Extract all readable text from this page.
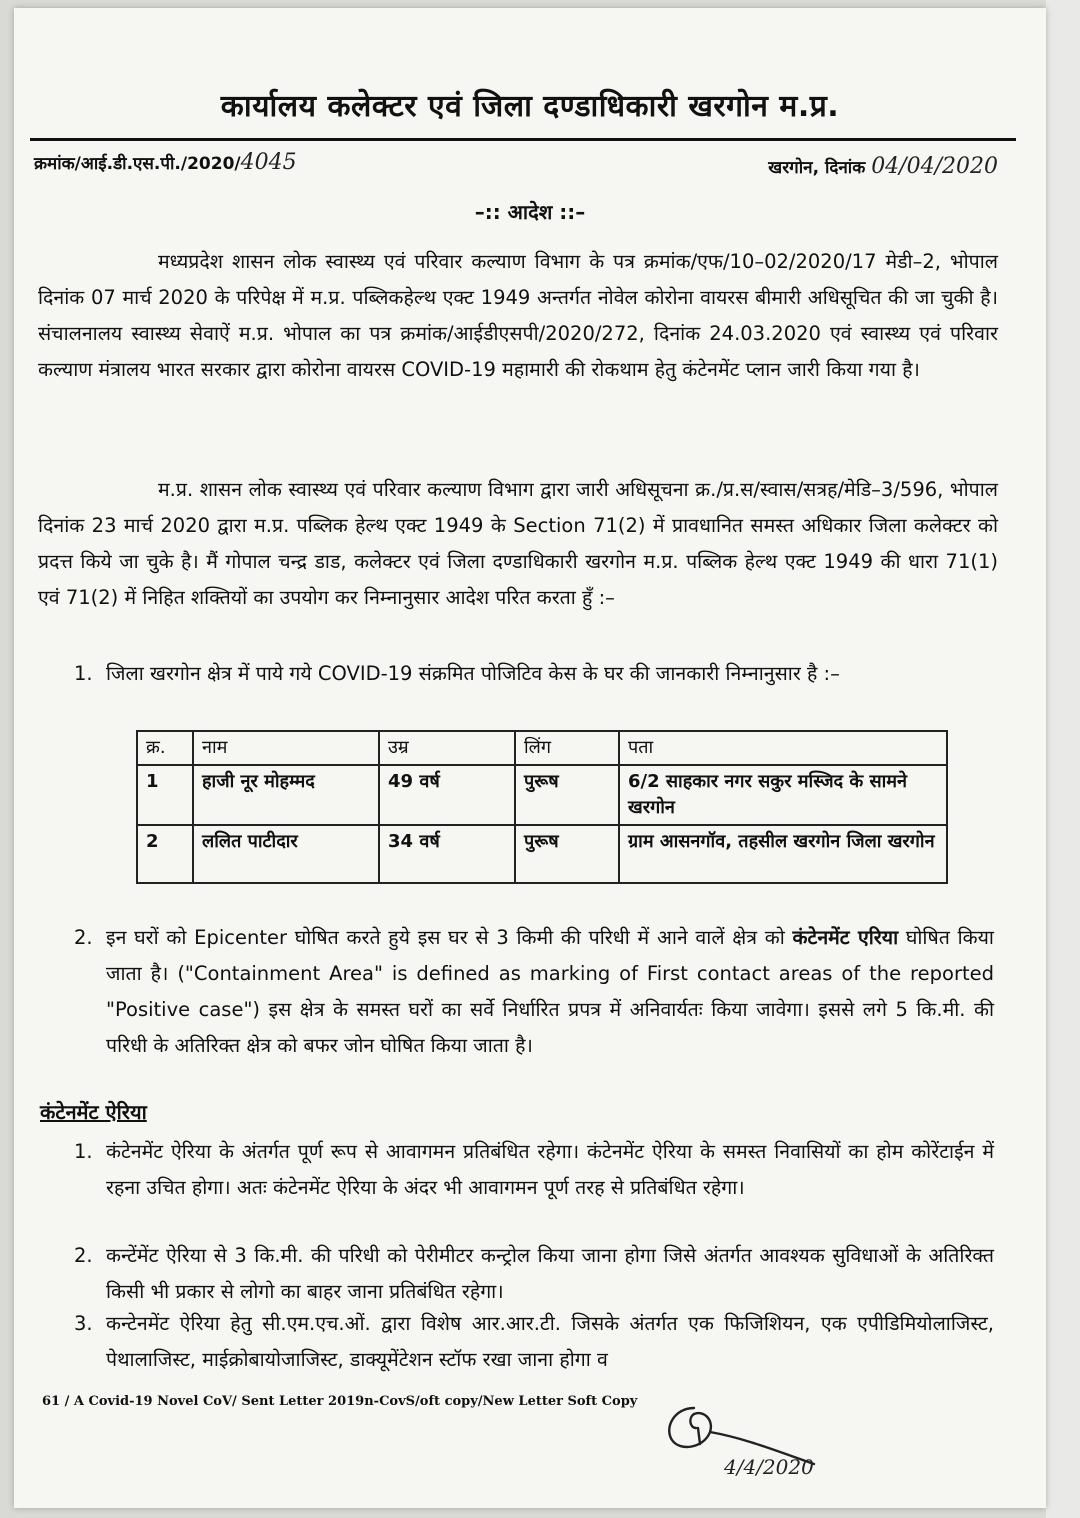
कार्यालय कलेक्टर एवं जिला दण्डाधिकारी खरगोन म.प्र.
क्रमांक/आई.डी.एस.पी./2020/4045	खरगोन, दिनांक 04/04/2020
–:: आदेश ::–
मध्यप्रदेश शासन लोक स्वास्थ्य एवं परिवार कल्याण विभाग के पत्र क्रमांक/एफ/10–02/2020/17 मेडी–2, भोपाल दिनांक 07 मार्च 2020 के परिपेक्ष में म.प्र. पब्लिकहेल्थ एक्ट 1949 अन्तर्गत नोवेल कोरोना वायरस बीमारी अधिसूचित की जा चुकी है। संचालनालय स्वास्थ्य सेवाऐं म.प्र. भोपाल का पत्र क्रमांक/आईडीएसपी/2020/272, दिनांक 24.03.2020 एवं स्वास्थ्य एवं परिवार कल्याण मंत्रालय भारत सरकार द्वारा कोरोना वायरस COVID-19 महामारी की रोकथाम हेतु कंटेनमेंट प्लान जारी किया गया है।
म.प्र. शासन लोक स्वास्थ्य एवं परिवार कल्याण विभाग द्वारा जारी अधिसूचना क्र./प्र.स/स्वास/सत्रह/मेडि–3/596, भोपाल दिनांक 23 मार्च 2020 द्वारा म.प्र. पब्लिक हेल्थ एक्ट 1949 के Section 71(2) में प्रावधानित समस्त अधिकार जिला कलेक्टर को प्रदत्त किये जा चुके है। मैं गोपाल चन्द्र डाड, कलेक्टर एवं जिला दण्डाधिकारी खरगोन म.प्र. पब्लिक हेल्थ एक्ट 1949 की धारा 71(1) एवं 71(2) में निहित शक्तियों का उपयोग कर निम्नानुसार आदेश परित करता हुँ :–
1. जिला खरगोन क्षेत्र में पाये गये COVID-19 संक्रमित पोजिटिव केस के घर की जानकारी निम्नानुसार है :–
क्र.	नाम	उम्र	लिंग	पता
1	हाजी नूर मोहम्मद	49 वर्ष	पुरूष	6/2 साहकार नगर सकुर मस्जिद के सामने खरगोन
2	ललित पाटीदार	34 वर्ष	पुरूष	ग्राम आसनगॉव, तहसील खरगोन जिला खरगोन
2. इन घरों को Epicenter घोषित करते हुये इस घर से 3 किमी की परिधी में आने वालें क्षेत्र को कंटेनमेंट एरिया घोषित किया जाता है। ("Containment Area" is defined as marking of First contact areas of the reported "Positive case") इस क्षेत्र के समस्त घरों का सर्वे निर्धारित प्रपत्र में अनिवार्यतः किया जावेगा। इससे लगे 5 कि.मी. की परिधी के अतिरिक्त क्षेत्र को बफर जोन घोषित किया जाता है।
कंटेनमेंट ऐरिया
1. कंटेनमेंट ऐरिया के अंतर्गत पूर्ण रूप से आवागमन प्रतिबंधित रहेगा। कंटेनमेंट ऐरिया के समस्त निवासियों का होम कोरेंटाईन में रहना उचित होगा। अतः कंटेनमेंट ऐरिया के अंदर भी आवागमन पूर्ण तरह से प्रतिबंधित रहेगा।
2. कन्टेंमेंट ऐरिया से 3 कि.मी. की परिधी को पेरीमीटर कन्ट्रोल किया जाना होगा जिसे अंतर्गत आवश्यक सुविधाओं के अतिरिक्त किसी भी प्रकार से लोगो का बाहर जाना प्रतिबंधित रहेगा।
3. कन्टेनमेंट ऐरिया हेतु सी.एम.एच.ओं. द्वारा विशेष आर.आर.टी. जिसके अंतर्गत एक फिजिशियन, एक एपीडिमियोलाजिस्ट, पेथालाजिस्ट, माईक्रोबायोजाजिस्ट, डाक्यूमेंटेशन स्टॉफ रखा जाना होगा व
61 / A Covid-19 Novel CoV/ Sent Letter 2019n-CovS/oft copy/New Letter Soft Copy
4/4/2020
